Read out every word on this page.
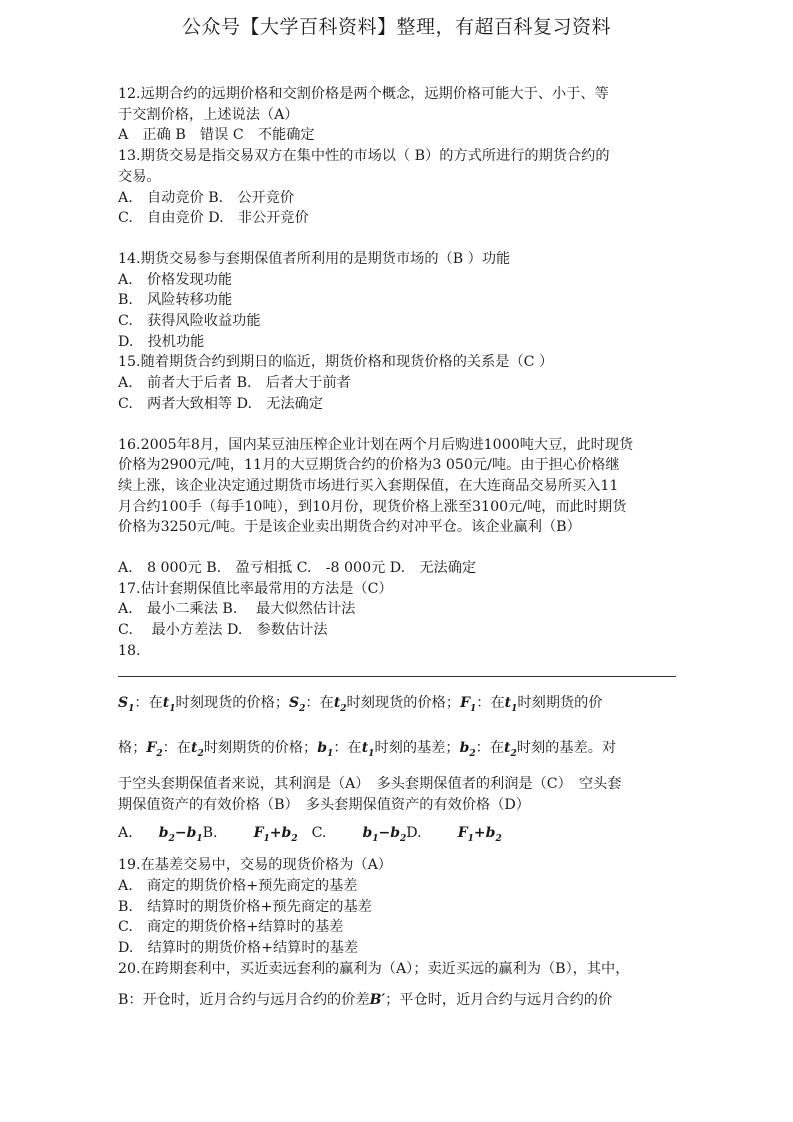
公众号【大学百科资料】整理，有超百科复习资料
12.远期合约的远期价格和交割价格是两个概念，远期价格可能大于、小于、等
于交割价格，上述说法（A）
A　正确 B　错误 C　不能确定
13.期货交易是指交易双方在集中性的市场以（ B）的方式所进行的期货合约的
交易。
A.　自动竞价 B.　公开竞价
C.　自由竞价 D.　非公开竞价
14.期货交易参与套期保值者所利用的是期货市场的（B ）功能
A.　价格发现功能
B.　风险转移功能
C.　获得风险收益功能
D.　投机功能
15.随着期货合约到期日的临近，期货价格和现货价格的关系是（C ）
A.　前者大于后者 B.　后者大于前者
C.　两者大致相等 D.　无法确定
16.2005年8月，国内某豆油压榨企业计划在两个月后购进1000吨大豆，此时现货
价格为2900元/吨，11月的大豆期货合约的价格为3 050元/吨。由于担心价格继
续上涨，该企业决定通过期货市场进行买入套期保值，在大连商品交易所买入11
月合约100手（每手10吨），到10月份，现货价格上涨至3100元/吨，而此时期货
价格为3250元/吨。于是该企业卖出期货合约对冲平仓。该企业赢利（B）
A.　8 000元 B.　盈亏相抵 C.　-8 000元 D.　无法确定
17.估计套期保值比率最常用的方法是（C）
A.　最小二乘法 B.　 最大似然估计法
C.　 最小方差法 D.　参数估计法
18.
$S_1$：在$t_1$时刻现货的价格；$S_2$：在$t_2$时刻现货的价格；$F_1$：在$t_1$时刻期货的价
格；$F_2$：在$t_2$时刻期货的价格；$b_1$：在$t_1$时刻的基差；$b_2$：在$t_2$时刻的基差。对
于空头套期保值者来说，其利润是（A）　多头套期保值者的利润是（C）　空头套
期保值资产的有效价格（B）　多头套期保值资产的有效价格（D）
A. $b_2-b_1B$.	$F_1+b_2$ C.	$b_1-b_2D$.	$F_1+b_2$
19.在基差交易中，交易的现货价格为（A）
A.　商定的期货价格+预先商定的基差
B.　结算时的期货价格+预先商定的基差
C.　商定的期货价格+结算时的基差
D.　结算时的期货价格+结算时的基差
20.在跨期套利中，买近卖远套利的赢利为（A）；卖近买远的赢利为（B），其中，
B：开仓时，近月合约与远月合约的价差B′；平仓时，近月合约与远月合约的价
